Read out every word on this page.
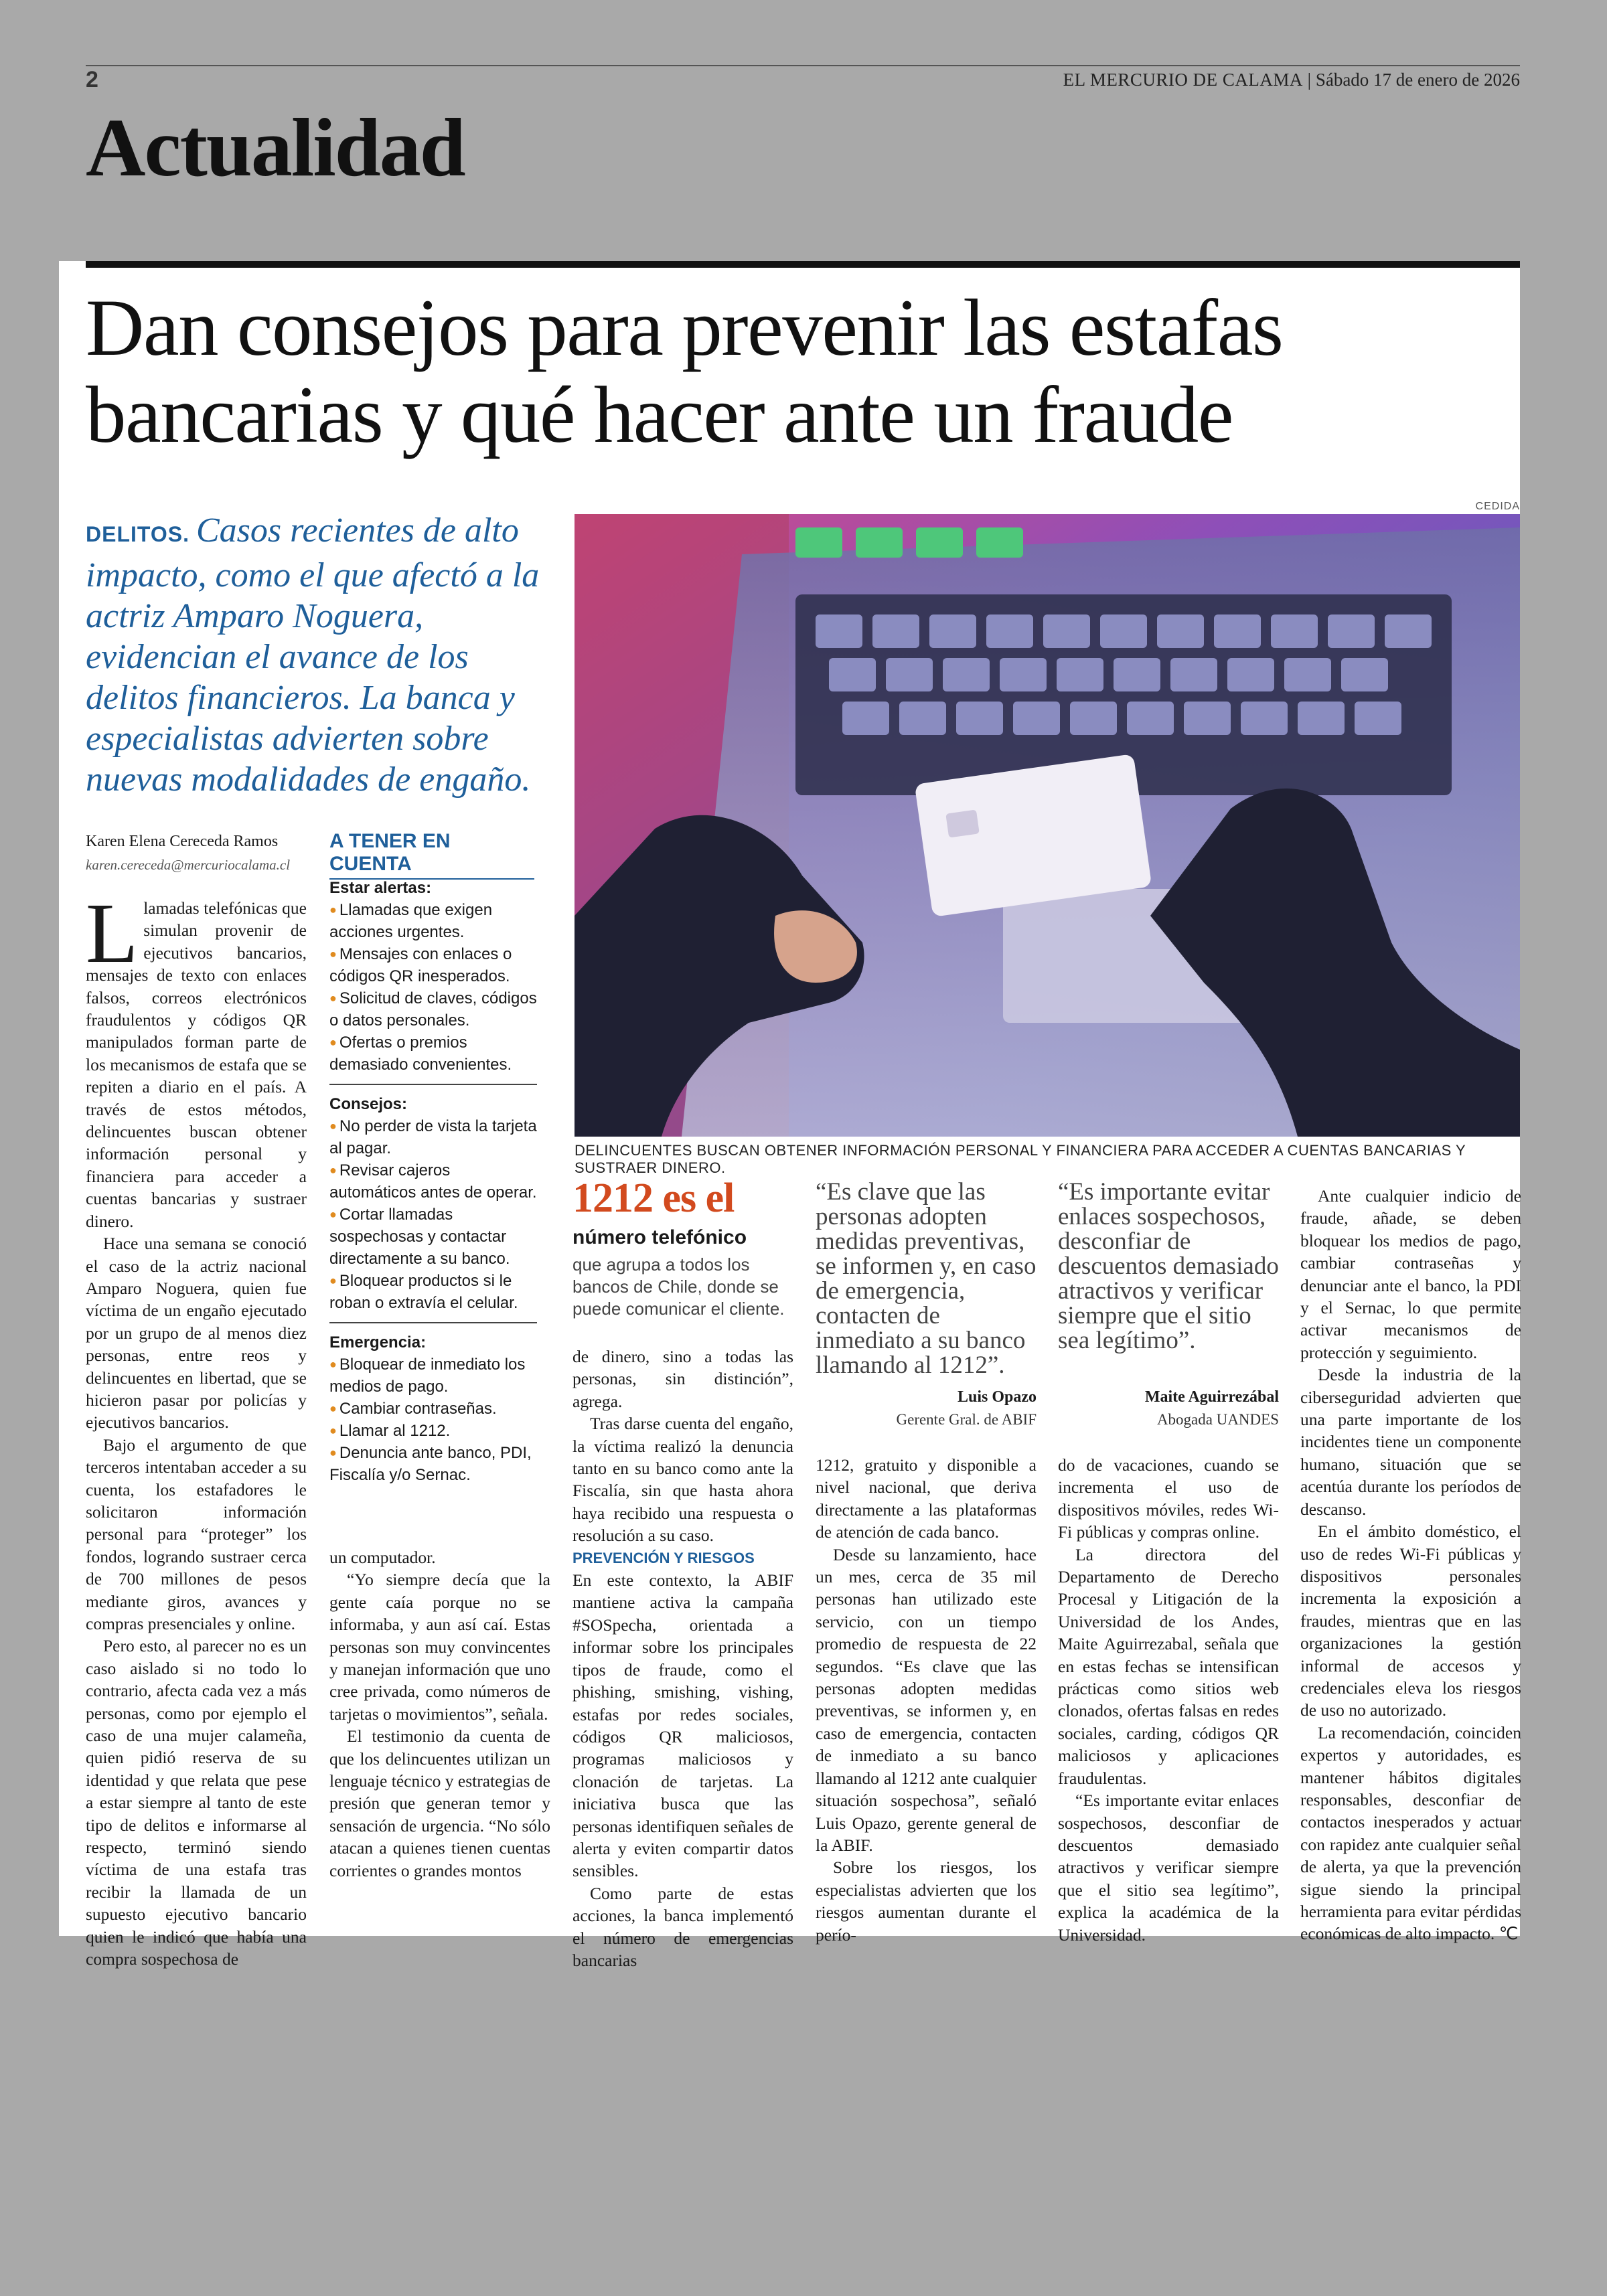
2	EL MERCURIO DE CALAMA | Sábado 17 de enero de 2026
Actualidad
Dan consejos para prevenir las estafas bancarias y qué hacer ante un fraude
DELITOS. Casos recientes de alto impacto, como el que afectó a la actriz Amparo Noguera, evidencian el avance de los delitos financieros. La banca y especialistas advierten sobre nuevas modalidades de engaño.
CEDIDA
DELINCUENTES BUSCAN OBTENER INFORMACIÓN PERSONAL Y FINANCIERA PARA ACCEDER A CUENTAS BANCARIAS Y SUSTRAER DINERO.
Karen Elena Cereceda Ramos
karen.cereceda@mercuriocalama.cl

Llamadas telefónicas que simulan provenir de ejecutivos bancarios, mensajes de texto con enlaces falsos, correos electrónicos fraudulentos y códigos QR manipulados forman parte de los mecanismos de estafa que se repiten a diario en el país. A través de estos métodos, delincuentes buscan obtener información personal y financiera para acceder a cuentas bancarias y sustraer dinero.

Hace una semana se conoció el caso de la actriz nacional Amparo Noguera, quien fue víctima de un engaño ejecutado por un grupo de al menos diez personas, entre reos y delincuentes en libertad, que se hicieron pasar por policías y ejecutivos bancarios.

Bajo el argumento de que terceros intentaban acceder a su cuenta, los estafadores le solicitaron información personal para “proteger” los fondos, logrando sustraer cerca de 700 millones de pesos mediante giros, avances y compras presenciales y online.

Pero esto, al parecer no es un caso aislado si no todo lo contrario, afecta cada vez a más personas, como por ejemplo el caso de una mujer calameña, quien pidió reserva de su identidad y que relata que pese a estar siempre al tanto de este tipo de delitos e informarse al respecto, terminó siendo víctima de una estafa tras recibir la llamada de un supuesto ejecutivo bancario quien le indicó que había una compra sospechosa de

A TENER EN CUENTA
Estar alertas:
● Llamadas que exigen acciones urgentes.
● Mensajes con enlaces o códigos QR inesperados.
● Solicitud de claves, códigos o datos personales.
● Ofertas o premios demasiado convenientes.
Consejos:
● No perder de vista la tarjeta al pagar.
● Revisar cajeros automáticos antes de operar.
● Cortar llamadas sospechosas y contactar directamente a su banco.
● Bloquear productos si le roban o extravía el celular.
Emergencia:
● Bloquear de inmediato los medios de pago.
● Cambiar contraseñas.
● Llamar al 1212.
● Denuncia ante banco, PDI, Fiscalía y/o Sernac.

un computador.

“Yo siempre decía que la gente caía porque no se informaba, y aun así caí. Estas personas son muy convincentes y manejan información que uno cree privada, como números de tarjetas o movimientos”, señala.

El testimonio da cuenta de que los delincuentes utilizan un lenguaje técnico y estrategias de presión que generan temor y sensación de urgencia. “No sólo atacan a quienes tienen cuentas corrientes o grandes montos

1212 es el
número telefónico
que agrupa a todos los bancos de Chile, donde se puede comunicar el cliente.

de dinero, sino a todas las personas, sin distinción”, agrega.

Tras darse cuenta del engaño, la víctima realizó la denuncia tanto en su banco como ante la Fiscalía, sin que hasta ahora haya recibido una respuesta o resolución a su caso.

PREVENCIÓN Y RIESGOS

En este contexto, la ABIF mantiene activa la campaña #SOSpecha, orientada a informar sobre los principales tipos de fraude, como el phishing, smishing, vishing, estafas por redes sociales, códigos QR maliciosos, programas maliciosos y clonación de tarjetas. La iniciativa busca que las personas identifiquen señales de alerta y eviten compartir datos sensibles.

Como parte de estas acciones, la banca implementó el número de emergencias bancarias

“Es clave que las personas adopten medidas preventivas, se informen y, en caso de emergencia, contacten de inmediato a su banco llamando al 1212”.
Luis Opazo
Gerente Gral. de ABIF
“Es importante evitar enlaces sospechosos, desconfiar de descuentos demasiado atractivos y verificar siempre que el sitio sea legítimo”.
Maite Aguirrezábal
Abogada UANDES

1212, gratuito y disponible a nivel nacional, que deriva directamente a las plataformas de atención de cada banco.

Desde su lanzamiento, hace un mes, cerca de 35 mil personas han utilizado este servicio, con un tiempo promedio de respuesta de 22 segundos. “Es clave que las personas adopten medidas preventivas, se informen y, en caso de emergencia, contacten de inmediato a su banco llamando al 1212 ante cualquier situación sospechosa”, señaló Luis Opazo, gerente general de la ABIF.

Sobre los riesgos, los especialistas advierten que los riesgos aumentan durante el perío-

do de vacaciones, cuando se incrementa el uso de dispositivos móviles, redes Wi-Fi públicas y compras online.

La directora del Departamento de Derecho Procesal y Litigación de la Universidad de los Andes, Maite Aguirrezabal, señala que en estas fechas se intensifican prácticas como sitios web clonados, ofertas falsas en redes sociales, carding, códigos QR maliciosos y aplicaciones fraudulentas.

“Es importante evitar enlaces sospechosos, desconfiar de descuentos demasiado atractivos y verificar siempre que el sitio sea legítimo”, explica la académica de la Universidad.

Ante cualquier indicio de fraude, añade, se deben bloquear los medios de pago, cambiar contraseñas y denunciar ante el banco, la PDI y el Sernac, lo que permite activar mecanismos de protección y seguimiento.

Desde la industria de la ciberseguridad advierten que una parte importante de los incidentes tiene un componente humano, situación que se acentúa durante los períodos de descanso.

En el ámbito doméstico, el uso de redes Wi-Fi públicas y dispositivos personales incrementa la exposición a fraudes, mientras que en las organizaciones la gestión informal de accesos y credenciales eleva los riesgos de uso no autorizado.

La recomendación, coinciden expertos y autoridades, es mantener hábitos digitales responsables, desconfiar de contactos inesperados y actuar con rapidez ante cualquier señal de alerta, ya que la prevención sigue siendo la principal herramienta para evitar pérdidas económicas de alto impacto. ℃
